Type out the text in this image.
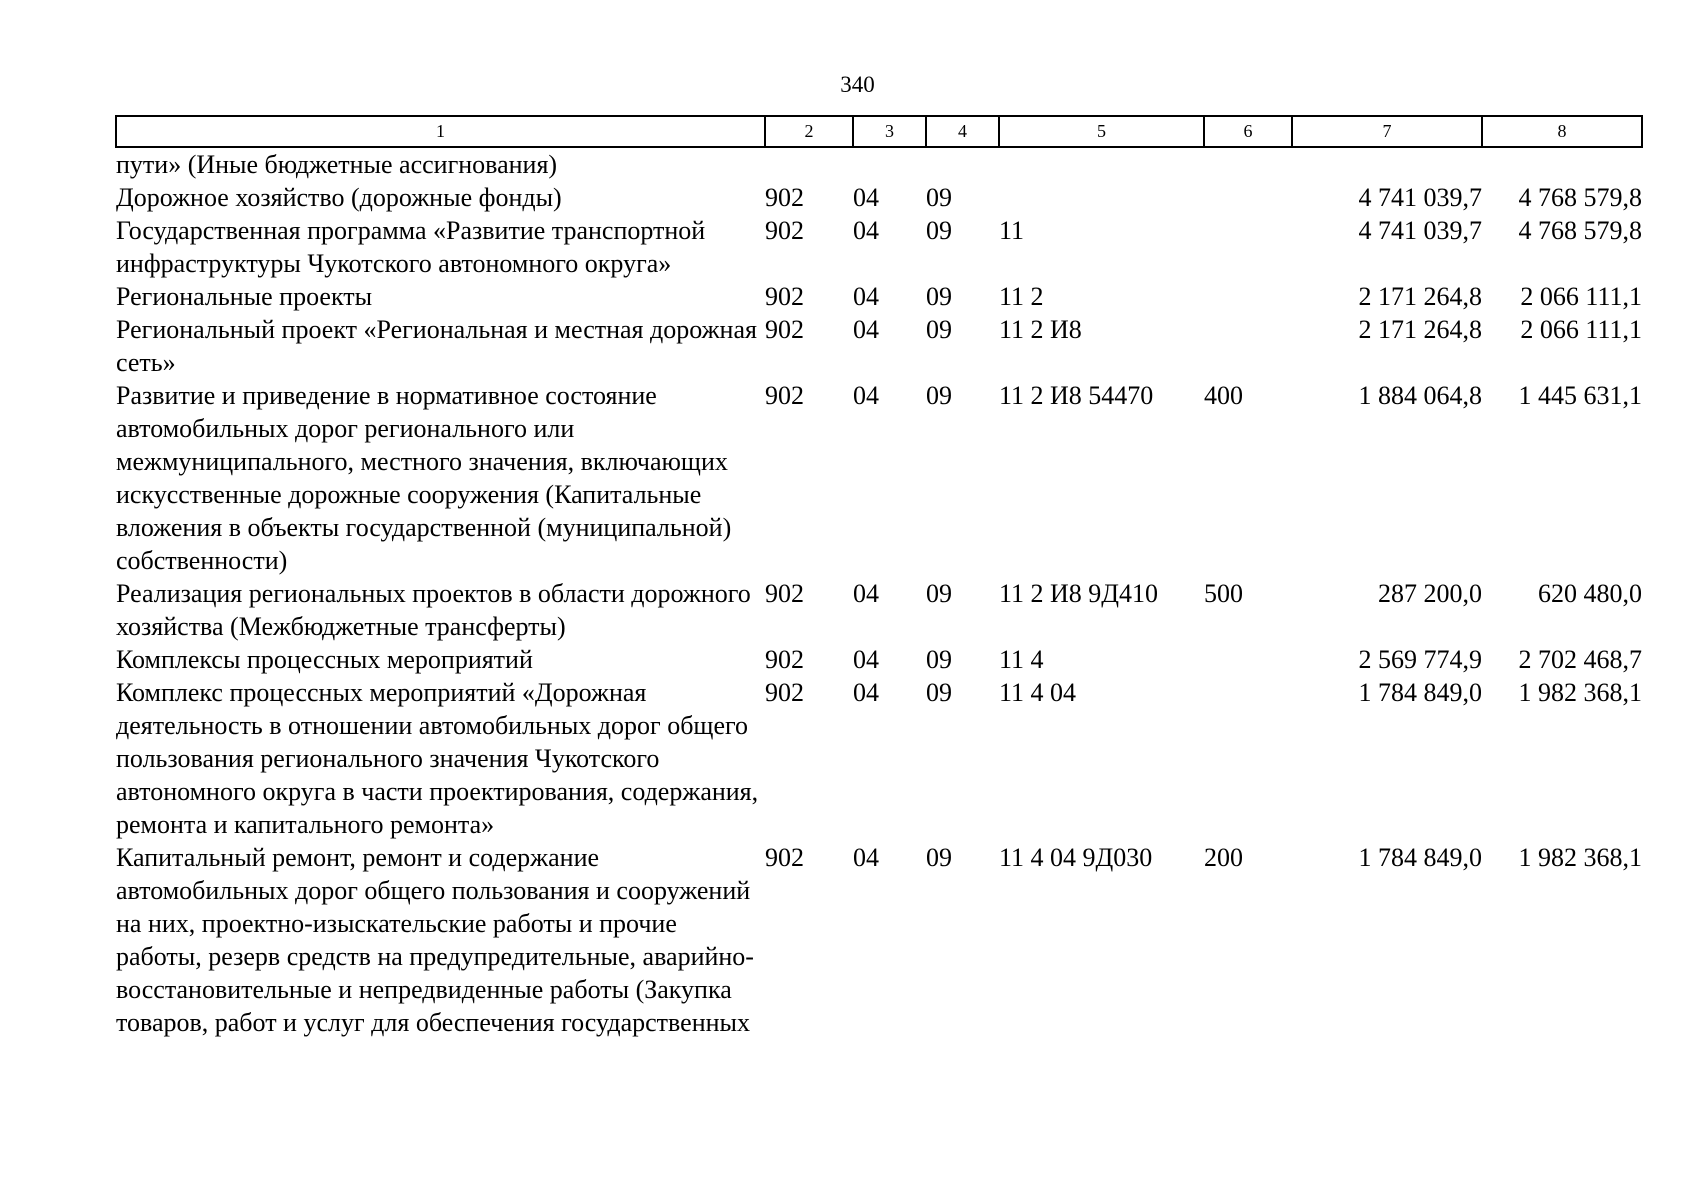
340
1	2	3	4	5	6	7	8
пути» (Иные бюджетные ассигнования)							
Дорожное хозяйство (дорожные фонды)	902	04	09			4 741 039,7	4 768 579,8
Государственная программа «Развитие транспортной инфраструктуры Чукотского автономного округа»	902	04	09	11		4 741 039,7	4 768 579,8
Региональные проекты	902	04	09	11 2		2 171 264,8	2 066 111,1
Региональный проект «Региональная и местная дорожная сеть»	902	04	09	11 2 И8		2 171 264,8	2 066 111,1
Развитие и приведение в нормативное состояние автомобильных дорог регионального или межмуниципального, местного значения, включающих искусственные дорожные сооружения (Капитальные вложения в объекты государственной (муниципальной) собственности)	902	04	09	11 2 И8 54470	400	1 884 064,8	1 445 631,1
Реализация региональных проектов в области дорожного хозяйства (Межбюджетные трансферты)	902	04	09	11 2 И8 9Д410	500	287 200,0	620 480,0
Комплексы процессных мероприятий	902	04	09	11 4		2 569 774,9	2 702 468,7
Комплекс процессных мероприятий «Дорожная деятельность в отношении автомобильных дорог общего пользования регионального значения Чукотского автономного округа в части проектирования, содержания, ремонта и капитального ремонта»	902	04	09	11 4 04		1 784 849,0	1 982 368,1
Капитальный ремонт, ремонт и содержание автомобильных дорог общего пользования и сооружений на них, проектно-изыскательские работы и прочие работы, резерв средств на предупредительные, аварийно-восстановительные и непредвиденные работы (Закупка товаров, работ и услуг для обеспечения государственных	902	04	09	11 4 04 9Д030	200	1 784 849,0	1 982 368,1
